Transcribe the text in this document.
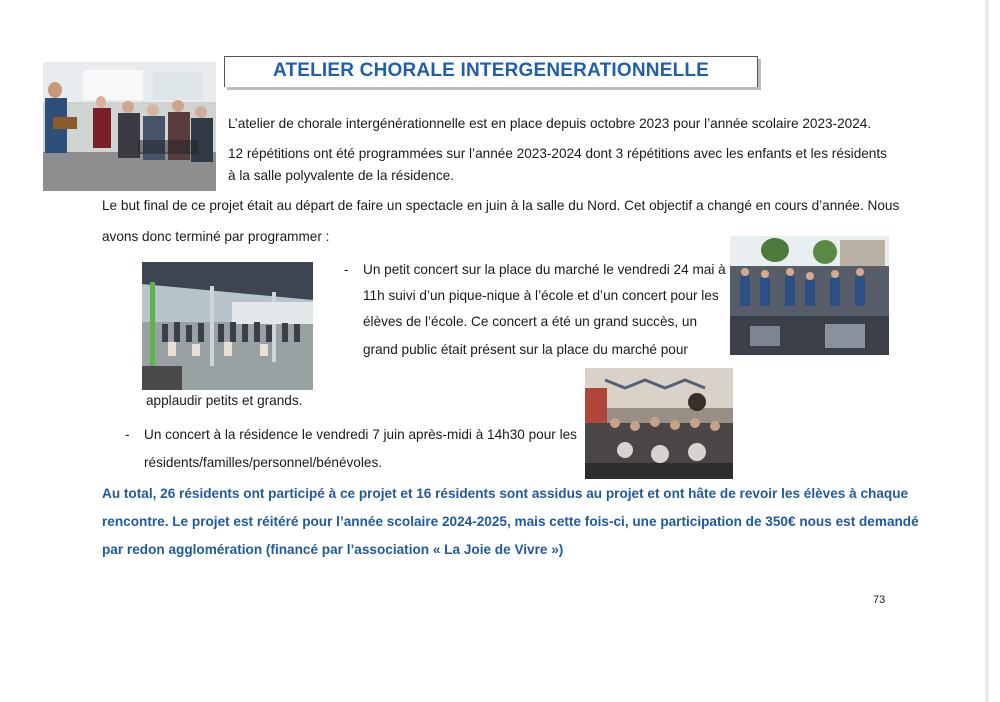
ATELIER CHORALE INTERGENERATIONNELLE
L’atelier de chorale intergénérationnelle est en place depuis octobre 2023 pour l’année scolaire 2023-2024.
12 répétitions ont été programmées sur l’année 2023-2024 dont 3 répétitions avec les enfants et les résidents
à la salle polyvalente de la résidence.
Le but final de ce projet était au départ de faire un spectacle en juin à la salle du Nord. Cet objectif a changé en cours d’année. Nous
avons donc terminé par programmer :
- Un petit concert sur la place du marché le vendredi 24 mai à
11h suivi d’un pique-nique à l’école et d’un concert pour les
élèves de l’école. Ce concert a été un grand succès, un
grand public était présent sur la place du marché pour
applaudir petits et grands.
- Un concert à la résidence le vendredi 7 juin après-midi à 14h30 pour les
résidents/familles/personnel/bénévoles.
Au total, 26 résidents ont participé à ce projet et 16 résidents sont assidus au projet et ont hâte de revoir les élèves à chaque
rencontre. Le projet est réitéré pour l’année scolaire 2024-2025, mais cette fois-ci, une participation de 350€ nous est demandé
par redon agglomération (financé par l’association « La Joie de Vivre »)
73
